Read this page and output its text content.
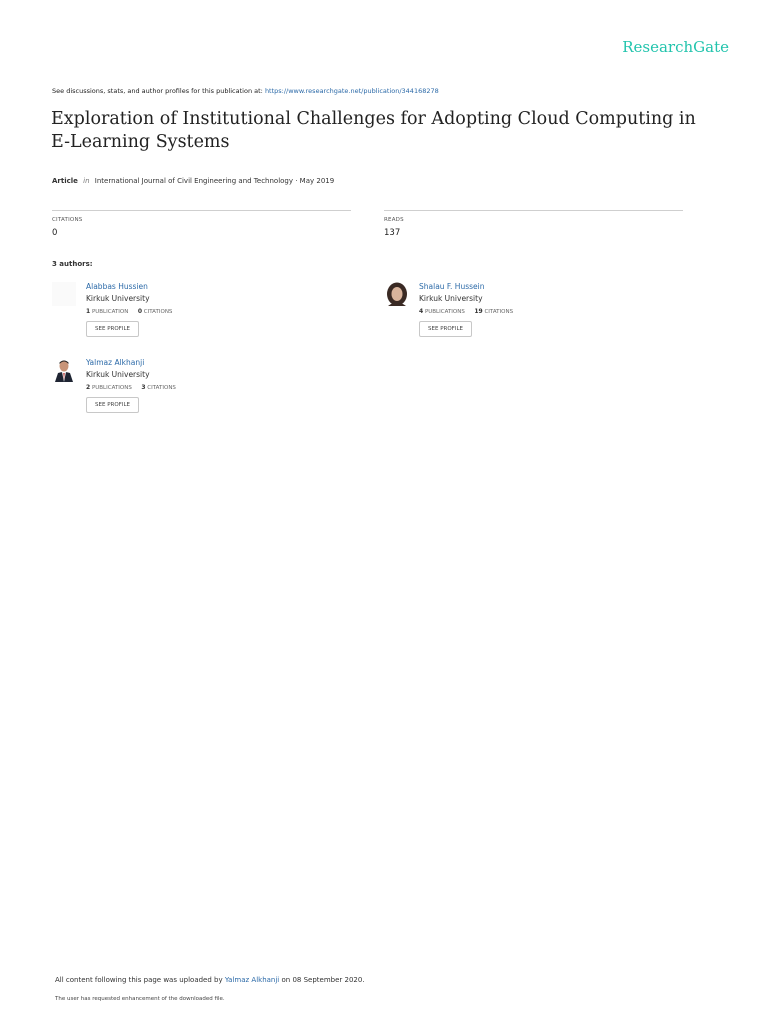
ResearchGate
See discussions, stats, and author profiles for this publication at: https://www.researchgate.net/publication/344168278
Exploration of Institutional Challenges for Adopting Cloud Computing in E-Learning Systems
Article in International Journal of Civil Engineering and Technology · May 2019
CITATIONS
0
READS
137
3 authors:
Alabbas Hussien
Kirkuk University
1 PUBLICATION 0 CITATIONS
SEE PROFILE
Shalau F. Hussein
Kirkuk University
4 PUBLICATIONS 19 CITATIONS
SEE PROFILE
Yalmaz Alkhanji
Kirkuk University
2 PUBLICATIONS 3 CITATIONS
SEE PROFILE
All content following this page was uploaded by Yalmaz Alkhanji on 08 September 2020.
The user has requested enhancement of the downloaded file.
